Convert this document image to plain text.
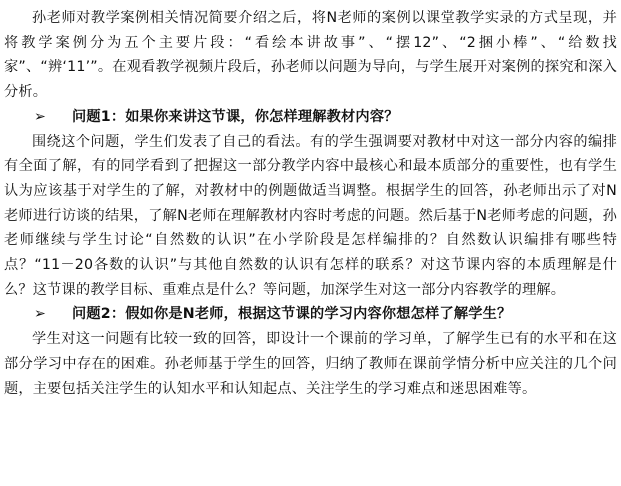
孙老师对教学案例相关情况简要介绍之后，将N老师的案例以课堂教学实录的方式呈现，并将教学案例分为五个主要片段：“看绘本讲故事”、“摆12”、“2捆小棒”、“给数找家”、“辨‘11’”。在观看教学视频片段后，孙老师以问题为导向，与学生展开对案例的探究和深入分析。

➢ 问题1：如果你来讲这节课，你怎样理解教材内容？

围绕这个问题，学生们发表了自己的看法。有的学生强调要对教材中对这一部分内容的编排有全面了解，有的同学看到了把握这一部分教学内容中最核心和最本质部分的重要性，也有学生认为应该基于对学生的了解，对教材中的例题做适当调整。根据学生的回答，孙老师出示了对N老师进行访谈的结果，了解N老师在理解教材内容时考虑的问题。然后基于N老师考虑的问题，孙老师继续与学生讨论“自然数的认识”在小学阶段是怎样编排的？自然数认识编排有哪些特点？“11－20各数的认识”与其他自然数的认识有怎样的联系？对这节课内容的本质理解是什么？这节课的教学目标、重难点是什么？等问题，加深学生对这一部分内容教学的理解。

➢ 问题2：假如你是N老师，根据这节课的学习内容你想怎样了解学生？

学生对这一问题有比较一致的回答，即设计一个课前的学习单，了解学生已有的水平和在这部分学习中存在的困难。孙老师基于学生的回答，归纳了教师在课前学情分析中应关注的几个问题，主要包括关注学生的认知水平和认知起点、关注学生的学习难点和迷思困难等。
